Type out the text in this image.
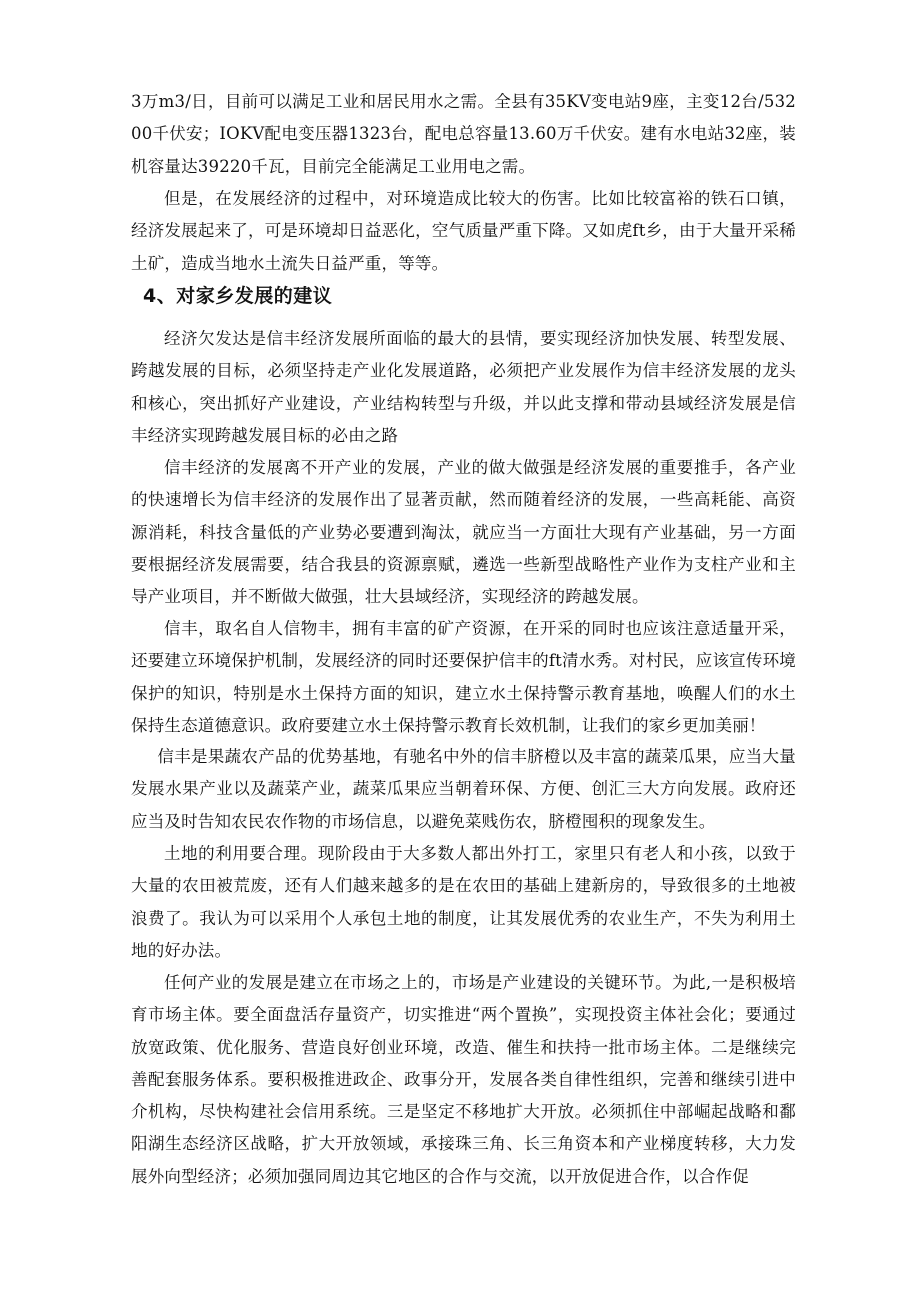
3万m3/日，目前可以满足工业和居民用水之需。全县有35KV变电站9座，主变12台/53200千伏安；IOKV配电变压器1323台，配电总容量13.60万千伏安。建有水电站32座，装机容量达39220千瓦，目前完全能满足工业用电之需。

但是，在发展经济的过程中，对环境造成比较大的伤害。比如比较富裕的铁石口镇，经济发展起来了，可是环境却日益恶化，空气质量严重下降。又如虎ft乡，由于大量开采稀土矿，造成当地水土流失日益严重，等等。

4、对家乡发展的建议

经济欠发达是信丰经济发展所面临的最大的县情，要实现经济加快发展、转型发展、跨越发展的目标，必须坚持走产业化发展道路，必须把产业发展作为信丰经济发展的龙头和核心，突出抓好产业建设，产业结构转型与升级，并以此支撑和带动县域经济发展是信丰经济实现跨越发展目标的必由之路

信丰经济的发展离不开产业的发展，产业的做大做强是经济发展的重要推手，各产业的快速增长为信丰经济的发展作出了显著贡献，然而随着经济的发展，一些高耗能、高资源消耗，科技含量低的产业势必要遭到淘汰，就应当一方面壮大现有产业基础，另一方面要根据经济发展需要，结合我县的资源禀赋，遴选一些新型战略性产业作为支柱产业和主导产业项目，并不断做大做强，壮大县域经济，实现经济的跨越发展。

信丰，取名自人信物丰，拥有丰富的矿产资源，在开采的同时也应该注意适量开采，还要建立环境保护机制，发展经济的同时还要保护信丰的ft清水秀。对村民，应该宣传环境保护的知识，特别是水土保持方面的知识，建立水土保持警示教育基地，唤醒人们的水土保持生态道德意识。政府要建立水土保持警示教育长效机制，让我们的家乡更加美丽！

信丰是果蔬农产品的优势基地，有驰名中外的信丰脐橙以及丰富的蔬菜瓜果，应当大量发展水果产业以及蔬菜产业，蔬菜瓜果应当朝着环保、方便、创汇三大方向发展。政府还应当及时告知农民农作物的市场信息，以避免菜贱伤农，脐橙囤积的现象发生。

土地的利用要合理。现阶段由于大多数人都出外打工，家里只有老人和小孩，以致于大量的农田被荒废，还有人们越来越多的是在农田的基础上建新房的，导致很多的土地被浪费了。我认为可以采用个人承包土地的制度，让其发展优秀的农业生产，不失为利用土地的好办法。

任何产业的发展是建立在市场之上的，市场是产业建设的关键环节。为此,一是积极培育市场主体。要全面盘活存量资产，切实推进“两个置换”，实现投资主体社会化；要通过放宽政策、优化服务、营造良好创业环境，改造、催生和扶持一批市场主体。二是继续完善配套服务体系。要积极推进政企、政事分开，发展各类自律性组织，完善和继续引进中介机构，尽快构建社会信用系统。三是坚定不移地扩大开放。必须抓住中部崛起战略和鄱阳湖生态经济区战略，扩大开放领域，承接珠三角、长三角资本和产业梯度转移，大力发展外向型经济；必须加强同周边其它地区的合作与交流，以开放促进合作，以合作促
